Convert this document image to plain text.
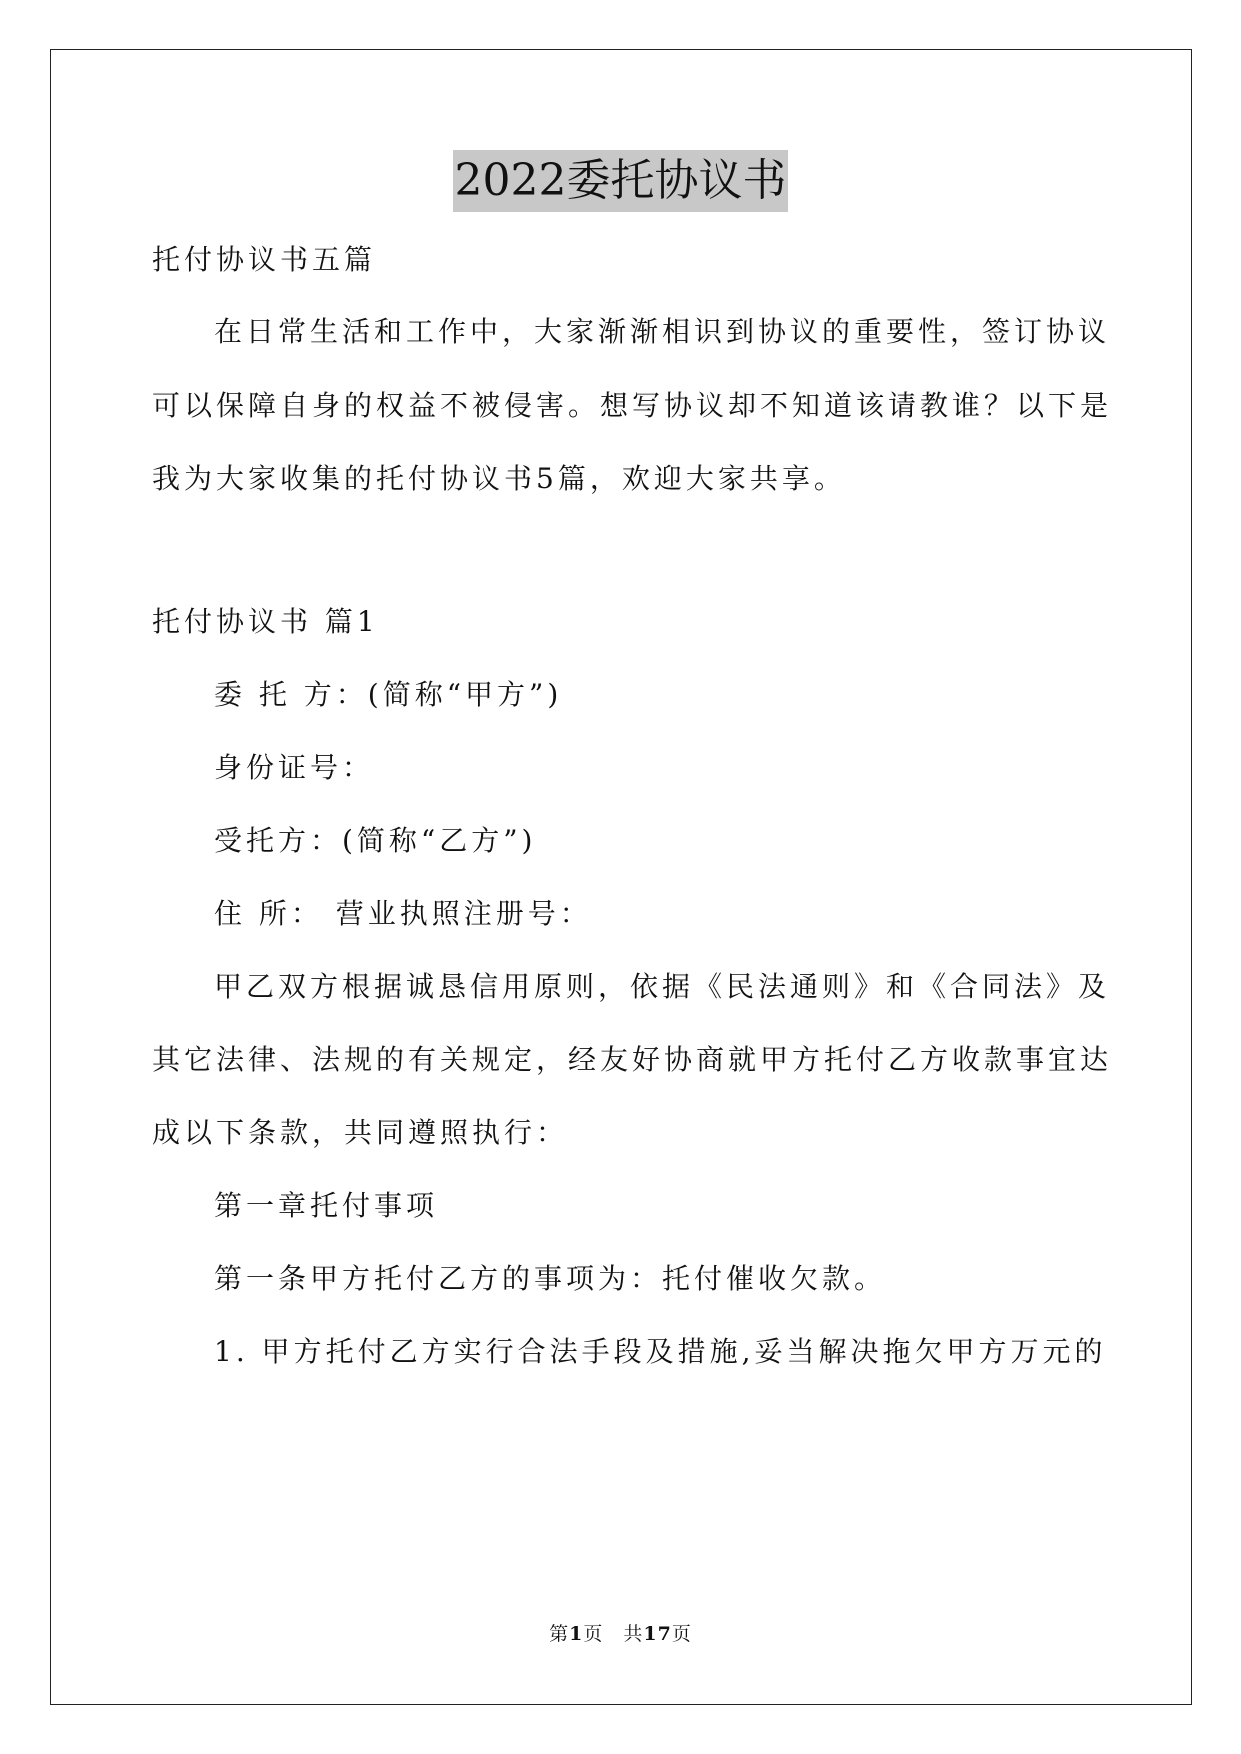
2022委托协议书
托付协议书五篇
在日常生活和工作中，大家渐渐相识到协议的重要性，签订协议
可以保障自身的权益不被侵害。想写协议却不知道该请教谁？以下是
我为大家收集的托付协议书5篇，欢迎大家共享。
托付协议书 篇1
委 托 方：(简称“甲方”)
身份证号：
受托方：(简称“乙方”)
住 所： 营业执照注册号：
甲乙双方根据诚恳信用原则，依据《民法通则》和《合同法》及
其它法律、法规的有关规定，经友好协商就甲方托付乙方收款事宜达
成以下条款，共同遵照执行：
第一章托付事项
第一条甲方托付乙方的事项为：托付催收欠款。
1. 甲方托付乙方实行合法手段及措施,妥当解决拖欠甲方万元的
第1页　共17页
